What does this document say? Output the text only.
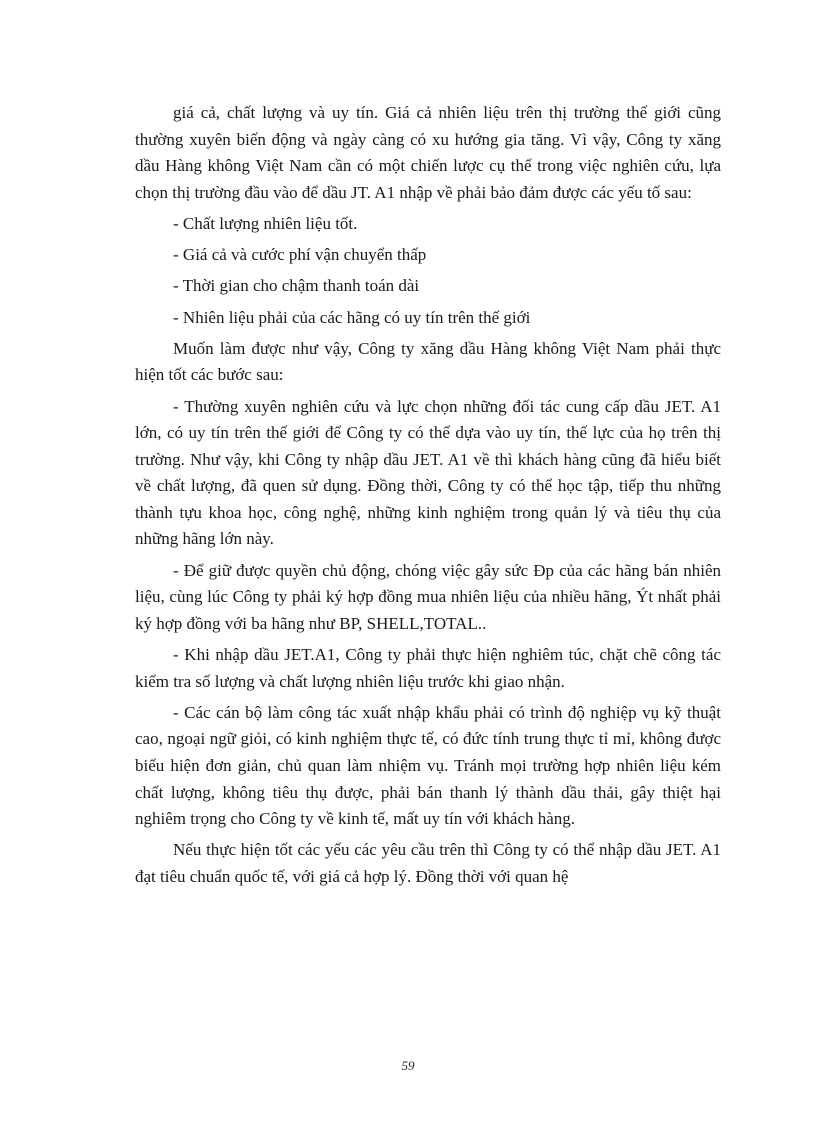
giá cả, chất lượng và uy tín. Giá cả nhiên liệu trên thị trường thế giới cũng thường xuyên biến động và ngày càng có xu hướng gia tăng. Vì vậy, Công ty xăng dầu Hàng không Việt Nam cần có một chiến lược cụ thể trong việc nghiên cứu, lựa chọn thị trường đầu vào để dầu JT. A1 nhập về phải bảo đảm được các yếu tố sau:

- Chất lượng nhiên liệu tốt.

- Giá cả và cước phí vận chuyển thấp

- Thời gian cho chậm thanh toán dài

- Nhiên liệu phải của các hãng có uy tín trên thế giới

Muốn làm được như vậy, Công ty xăng dầu Hàng không Việt Nam phải thực hiện tốt các bước sau:

- Thường xuyên nghiên cứu và lực chọn những đối tác cung cấp dầu JET. A1 lớn, có uy tín trên thế giới để Công ty có thể dựa vào uy tín, thế lực của họ trên thị trường. Như vậy, khi Công ty nhập dầu JET. A1 về thì khách hàng cũng đã hiểu biết về chất lượng, đã quen sử dụng. Đồng thời, Công ty có thể học tập, tiếp thu những thành tựu khoa học, công nghệ, những kinh nghiệm trong quản lý và tiêu thụ của những hãng lớn này.

- Để giữ được quyền chủ động, chóng việc gây sức Ðp của các hãng bán nhiên liệu, cùng lúc Công ty phải ký hợp đồng mua nhiên liệu của nhiều hãng, Ýt nhất phải ký hợp đồng với ba hãng như BP, SHELL,TOTAL..

- Khi nhập dầu JET.A1, Công ty phải thực hiện nghiêm túc, chặt chẽ công tác kiểm tra số lượng và chất lượng nhiên liệu trước khi giao nhận.

- Các cán bộ làm công tác xuất nhập khẩu phải có trình độ nghiệp vụ kỹ thuật cao, ngoại ngữ giỏi, có kinh nghiệm thực tế, có đức tính trung thực tỉ mỉ, không được biểu hiện đơn giản, chủ quan làm nhiệm vụ. Tránh mọi trường hợp nhiên liệu kém chất lượng, không tiêu thụ được, phải bán thanh lý thành dầu thải, gây thiệt hại nghiêm trọng cho Công ty về kinh tế, mất uy tín với khách hàng.

Nếu thực hiện tốt các yếu các yêu cầu trên thì Công ty có thể nhập dầu JET. A1 đạt tiêu chuẩn quốc tế, với giá cả hợp lý. Đồng thời với quan hệ

59
